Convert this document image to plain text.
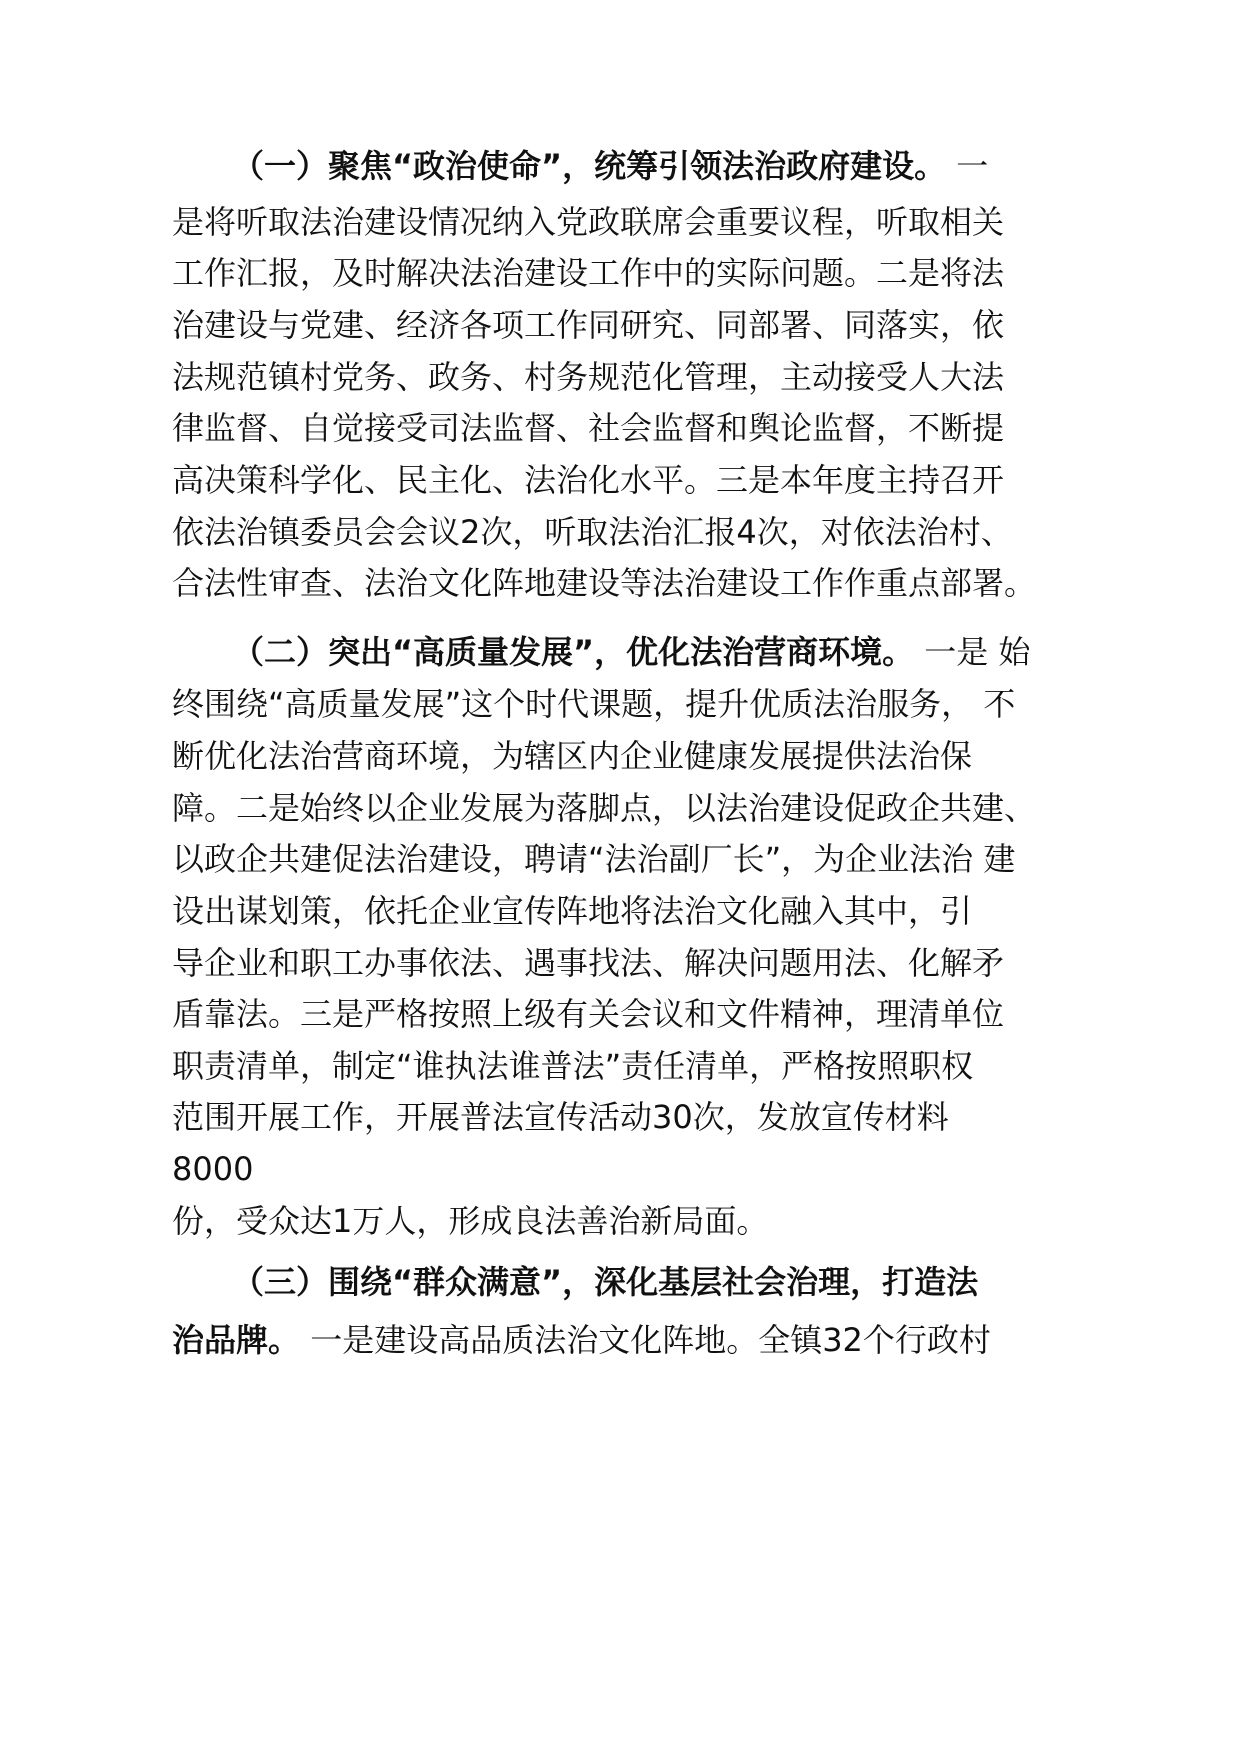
（一）聚焦“政治使命”，统筹引领法治政府建设。 一
是将听取法治建设情况纳入党政联席会重要议程，听取相关
工作汇报，及时解决法治建设工作中的实际问题。二是将法
治建设与党建、经济各项工作同研究、同部署、同落实，依
法规范镇村党务、政务、村务规范化管理，主动接受人大法
律监督、自觉接受司法监督、社会监督和舆论监督，不断提
高决策科学化、民主化、法治化水平。三是本年度主持召开
依法治镇委员会会议2次，听取法治汇报4次，对依法治村、
合法性审查、法治文化阵地建设等法治建设工作作重点部署。
（二）突出“高质量发展”，优化法治营商环境。 一是 始
终围绕“高质量发展”这个时代课题，提升优质法治服务， 不
断优化法治营商环境，为辖区内企业健康发展提供法治保
障。二是始终以企业发展为落脚点，以法治建设促政企共建、
以政企共建促法治建设，聘请“法治副厂长”，为企业法治 建
设出谋划策，依托企业宣传阵地将法治文化融入其中，引
导企业和职工办事依法、遇事找法、解决问题用法、化解矛
盾靠法。三是严格按照上级有关会议和文件精神，理清单位
职责清单，制定“谁执法谁普法”责任清单，严格按照职权
范围开展工作，开展普法宣传活动30次，发放宣传材料
8000
份，受众达1万人，形成良法善治新局面。
（三）围绕“群众满意”，深化基层社会治理，打造法
治品牌。 一是建设高品质法治文化阵地。全镇32个行政村
